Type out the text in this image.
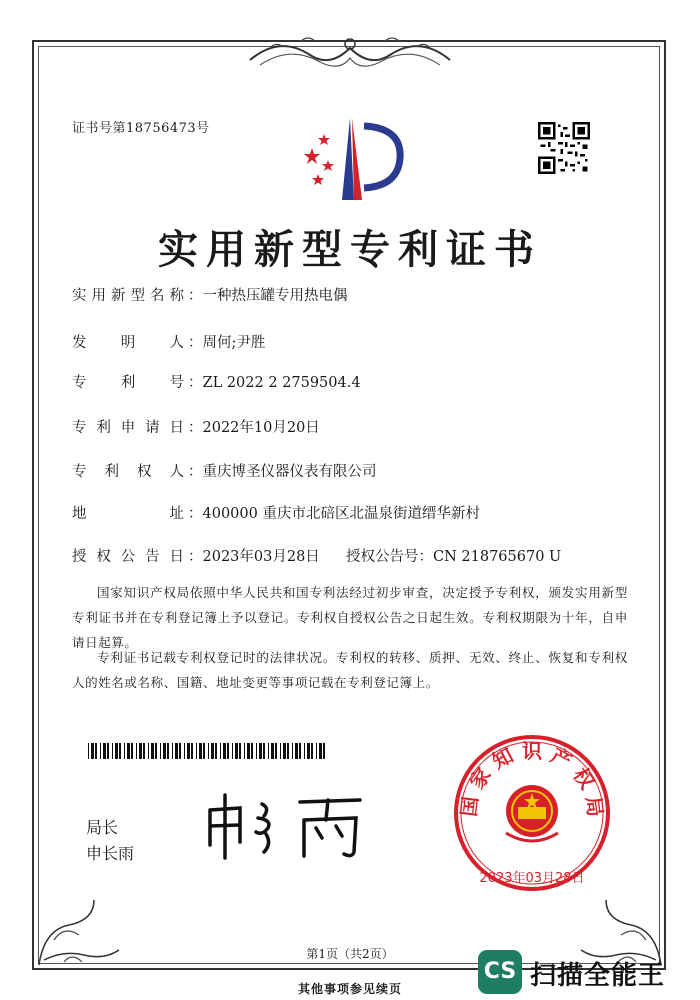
证书号第18756473号
实用新型专利证书
实用新型名称 ：一种热压罐专用热电偶
发明人 ：周何;尹胜
专利号 ：ZL 2022 2 2759504.4
专利申请日 ：2022年10月20日
专利权人 ：重庆博圣仪器仪表有限公司
地址 ：400000 重庆市北碚区北温泉街道缙华新村
授权公告日 ：2023年03月28日 授权公告号：CN 218765670 U
国家知识产权局依照中华人民共和国专利法经过初步审查，决定授予专利权，颁发实用新型专利证书并在专利登记簿上予以登记。专利权自授权公告之日起生效。专利权期限为十年，自申请日起算。
专利证书记载专利权登记时的法律状况。专利权的转移、质押、无效、终止、恢复和专利权人的姓名或名称、国籍、地址变更等事项记载在专利登记簿上。
局长
申长雨
国 家 知 识 产 权 局
2023年03月28日
第1页（共2页）
其他事项参见续页
CS 扫描全能王
